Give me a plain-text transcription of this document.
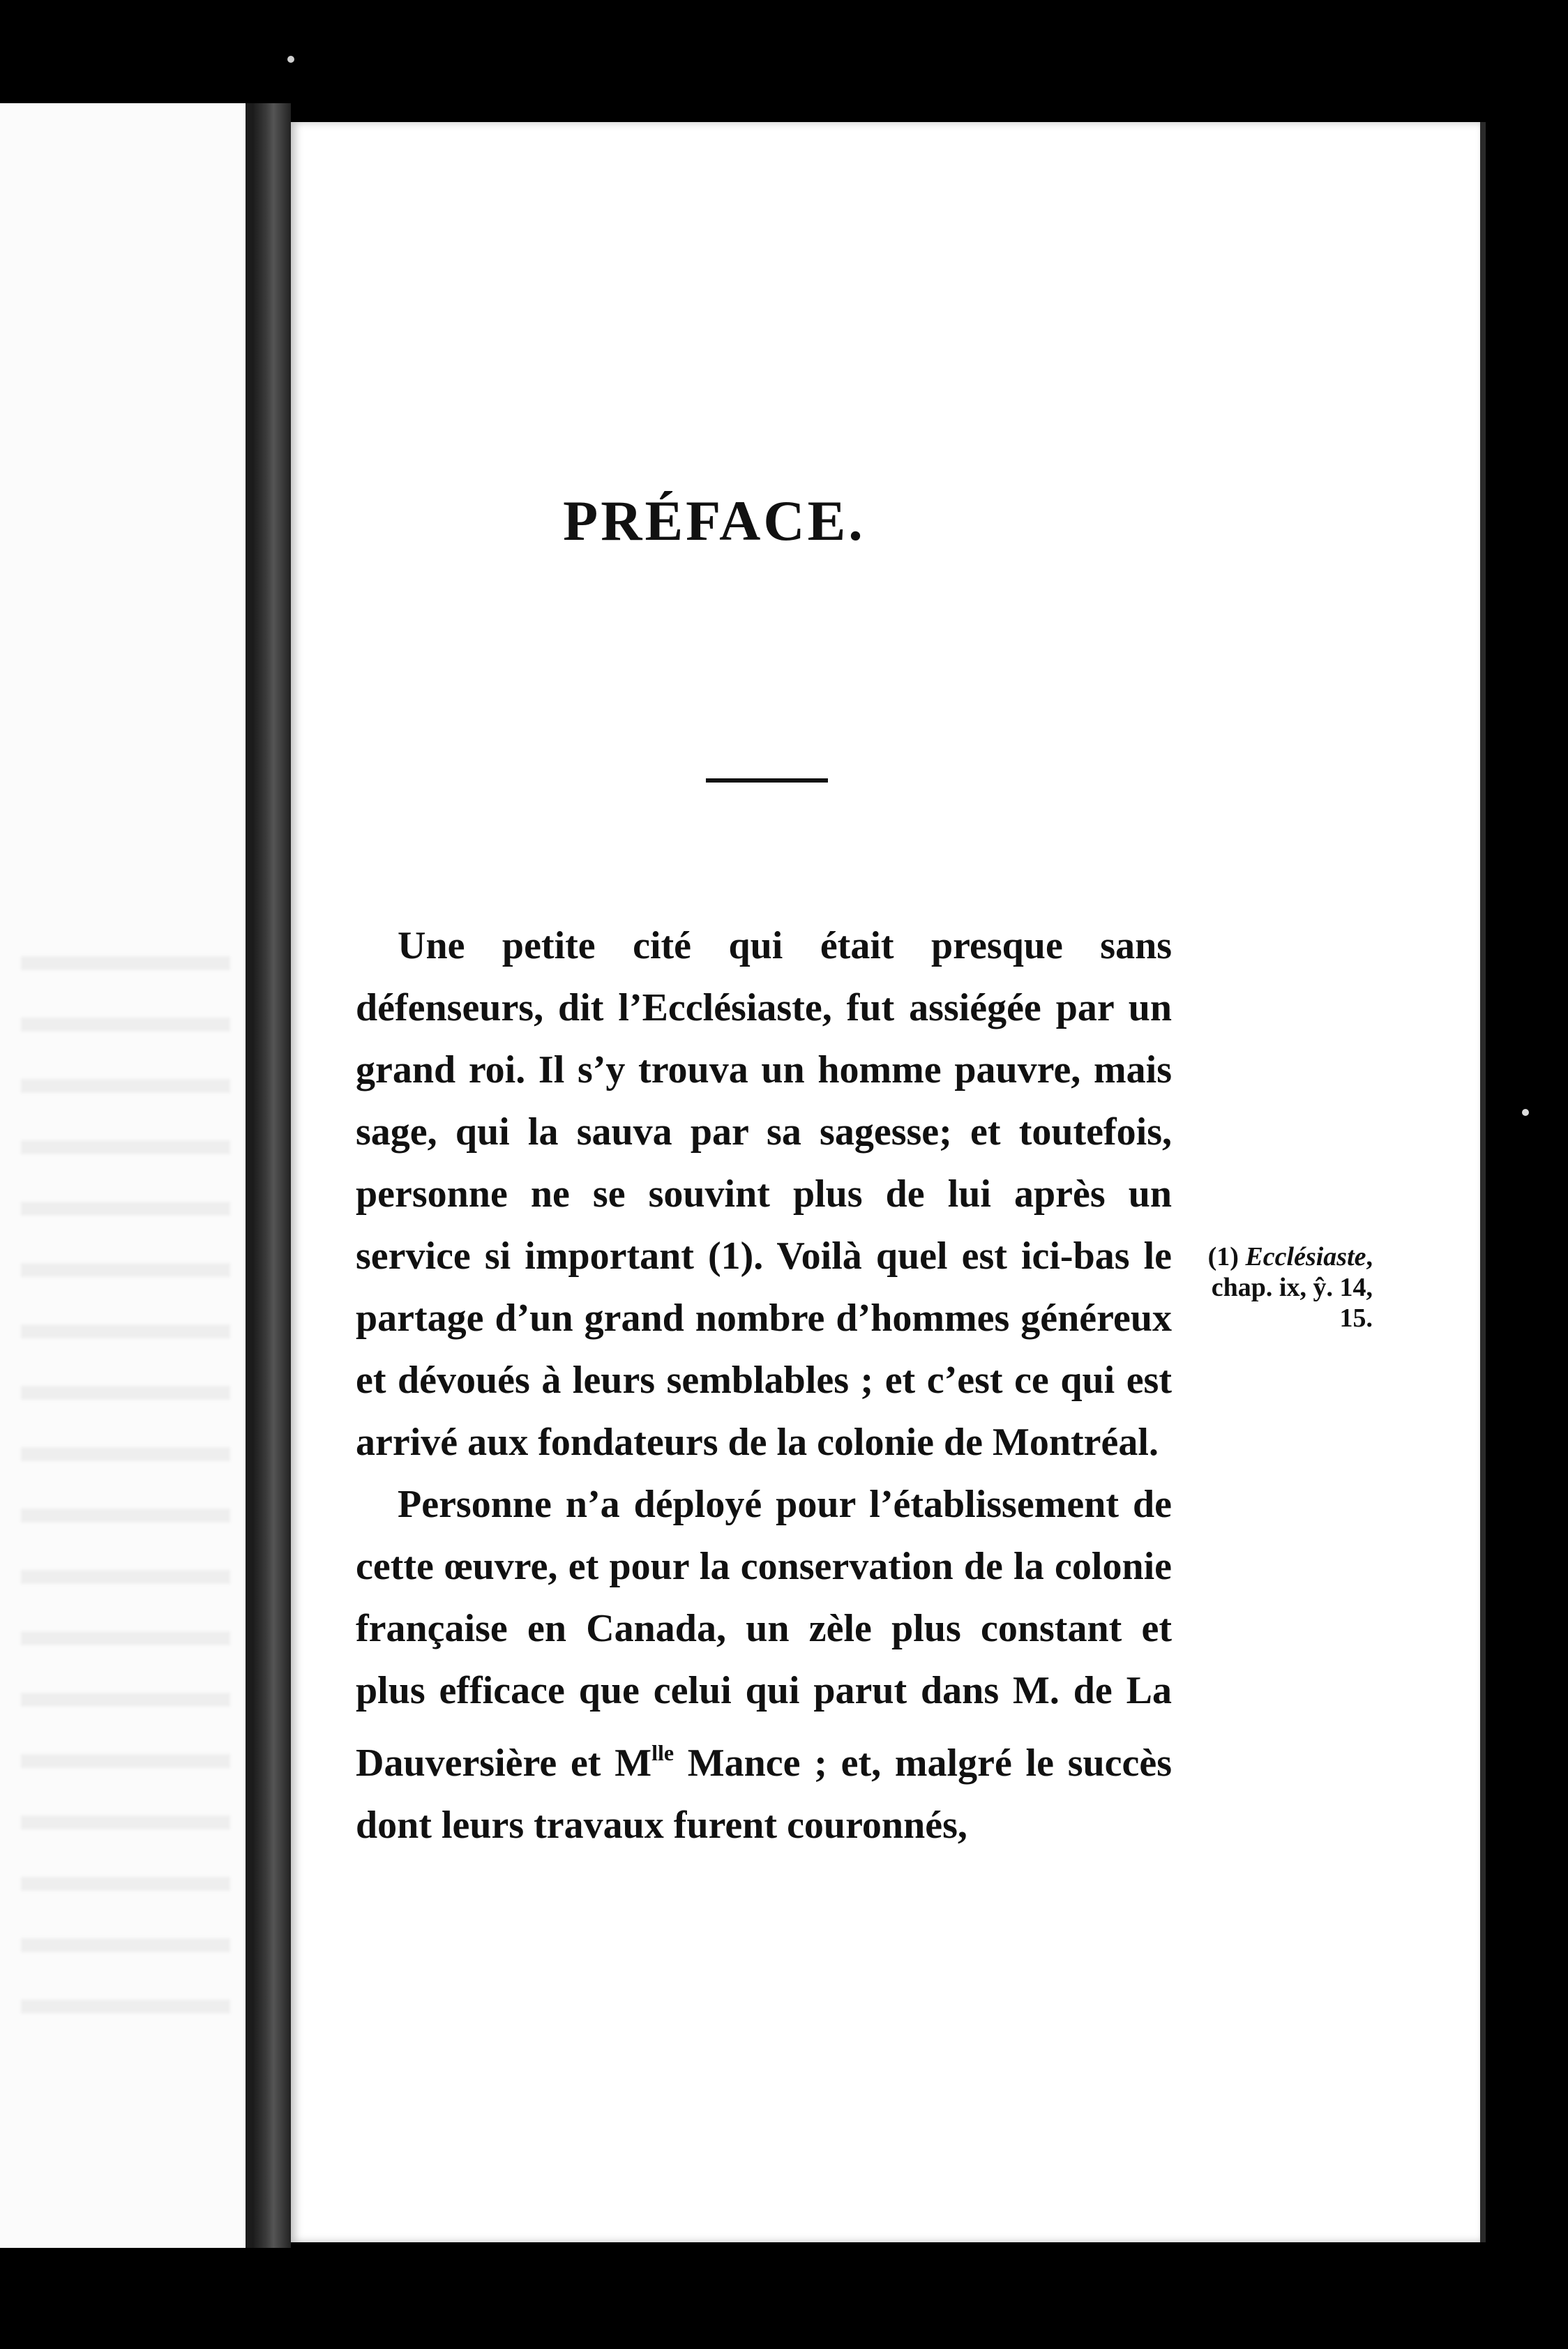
PRÉFACE.

Une petite cité qui était presque sans défenseurs, dit l’Ecclésiaste, fut assiégée par un grand roi. Il s’y trouva un homme pauvre, mais sage, qui la sauva par sa sagesse; et toutefois, personne ne se souvint plus de lui après un service si important (1). Voilà quel est ici-bas le partage d’un grand nombre d’hommes généreux et dévoués à leurs semblables ; et c’est ce qui est arrivé aux fondateurs de la colonie de Montréal.

Personne n’a déployé pour l’établissement de cette œuvre, et pour la conservation de la colonie française en Canada, un zèle plus constant et plus efficace que celui qui parut dans M. de La Dauversière et $M^{lle}$ Mance ; et, malgré le succès dont leurs travaux furent couronnés,

(1) Ecclésiaste, chap. ix, ŷ. 14, 15.
